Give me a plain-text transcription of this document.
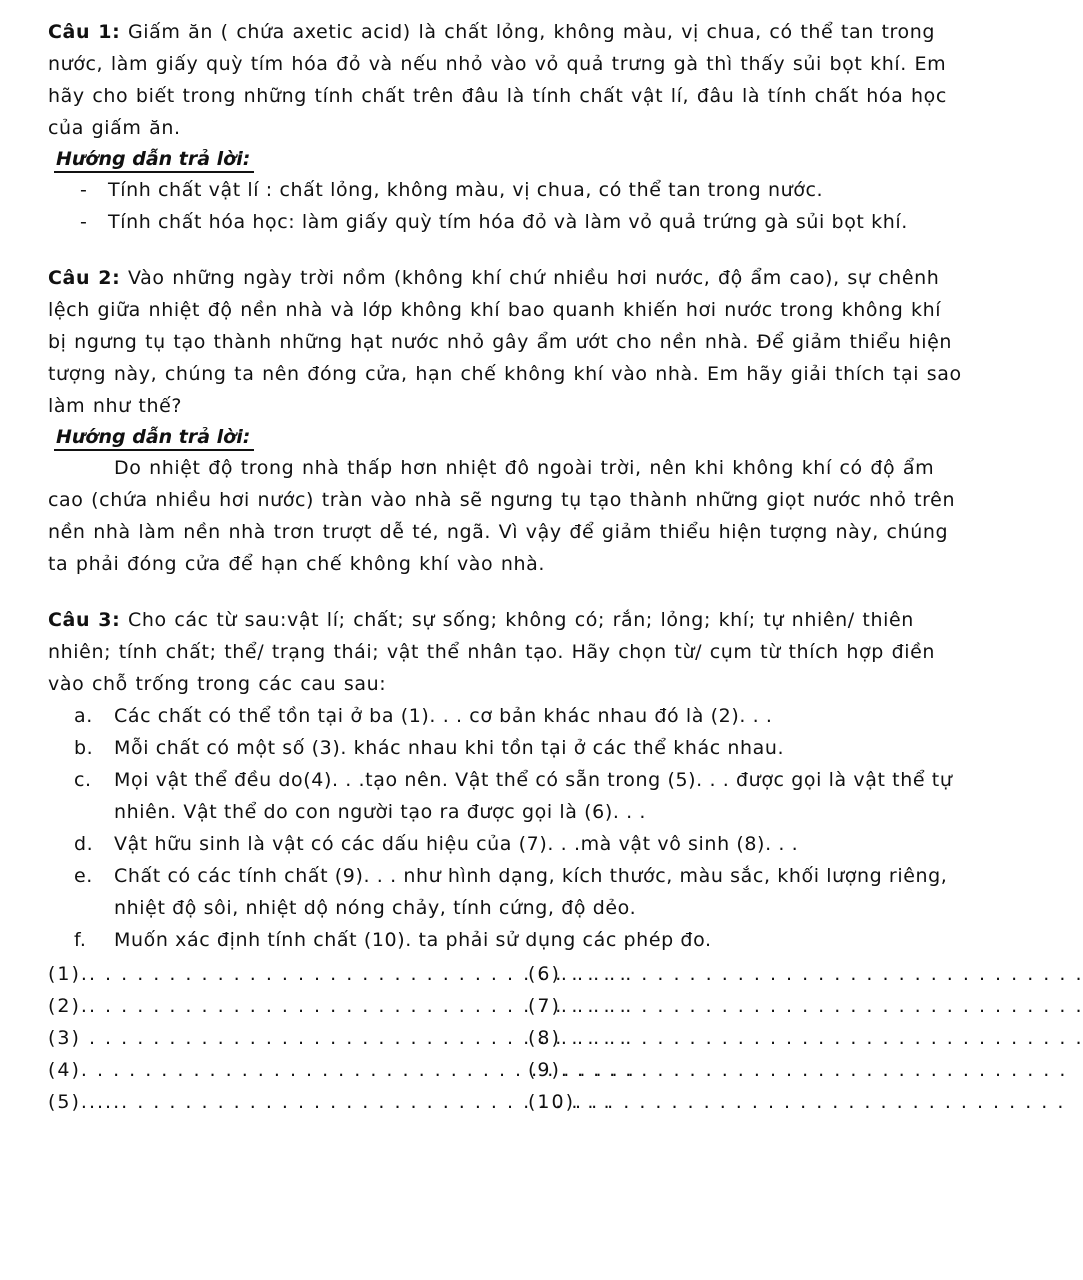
Câu 1: Giấm ăn ( chứa axetic acid) là chất lỏng, không màu, vị chua, có thể tan trong nước, làm giấy quỳ tím hóa đỏ và nếu nhỏ vào vỏ quả trưng gà thì thấy sủi bọt khí. Em hãy cho biết trong những tính chất trên đâu là tính chất vật lí, đâu là tính chất hóa học của giấm ăn.

Hướng dẫn trả lời:

- Tính chất vật lí : chất lỏng, không màu, vị chua, có thể tan trong nước.
- Tính chất hóa học: làm giấy quỳ tím hóa đỏ và làm vỏ quả trứng gà sủi bọt khí.

Câu 2: Vào những ngày trời nồm (không khí chứ nhiều hơi nước, độ ẩm cao), sự chênh lệch giữa nhiệt độ nền nhà và lớp không khí bao quanh khiến hơi nước trong không khí bị ngưng tụ tạo thành những hạt nước nhỏ gây ẩm ướt cho nền nhà. Để giảm thiểu hiện tượng này, chúng ta nên đóng cửa, hạn chế không khí vào nhà. Em hãy giải thích tại sao làm như thế?

Hướng dẫn trả lời:

Do nhiệt độ trong nhà thấp hơn nhiệt đô ngoài trời, nên khi không khí có độ ẩm cao (chứa nhiều hơi nước) tràn vào nhà sẽ ngưng tụ tạo thành những giọt nước nhỏ trên nền nhà làm nền nhà trơn trượt dễ té, ngã. Vì vậy để giảm thiểu hiện tượng này, chúng ta phải đóng cửa để hạn chế không khí vào nhà.

Câu 3: Cho các từ sau:vật lí; chất; sự sống; không có; rắn; lỏng; khí; tự nhiên/ thiên nhiên; tính chất; thể/ trạng thái; vật thể nhân tạo. Hãy chọn từ/ cụm từ thích hợp điền vào chỗ trống trong các cau sau:

a. Các chất có thể tồn tại ở ba (1). . . cơ bản khác nhau đó là (2). . .
b. Mỗi chất có một số (3). khác nhau khi tồn tại ở các thể khác nhau.
c. Mọi vật thể đều do(4). . .tạo nên. Vật thể có sẵn trong (5). . . được gọi là vật thể tự nhiên. Vật thể do con người tạo ra được gọi là (6). . .
d. Vật hữu sinh là vật có các dấu hiệu của (7). . .mà vật vô sinh (8). . .
e. Chất có các tính chất (9). . . như hình dạng, kích thước, màu sắc, khối lượng riêng, nhiệt độ sôi, nhiệt dộ nóng chảy, tính cứng, độ dẻo.
f. Muốn xác định tính chất (10). ta phải sử dụng các phép đo.
(1).. . . . . . . . . . . . . . . . . . . . . . . . . . . . . . . . . .
(6). . . . . . . . . . . . . . . . . . . . . . . . . . . . . . . . .
(2).. . . . . . . . . . . . . . . . . . . . . . . . . . . . . . . . . .
(7). . . . . . . . . . . . . . . . . . . . . . . . . . . . . . . . .
(3) . . . . . . . . . . . . . . . . . . . . . . . . . . . . . . . . . .
(8). . . . . . . . . . . . . . . . . . . . . . . . . . . . . . . . .
(4). . . . . . . . . . . . . . . . . . . . . . . . . . . . . . . . . . .
(9). . . . . . . . . . . . . . . . . . . . . . . . . . . . . . . .
(5)...... . . . . . . . . . . . . . . . . . . . . . . . . . . . . . .
(10). . . . . . . . . . . . . . . . . . . . . . . . . . . . . . .
